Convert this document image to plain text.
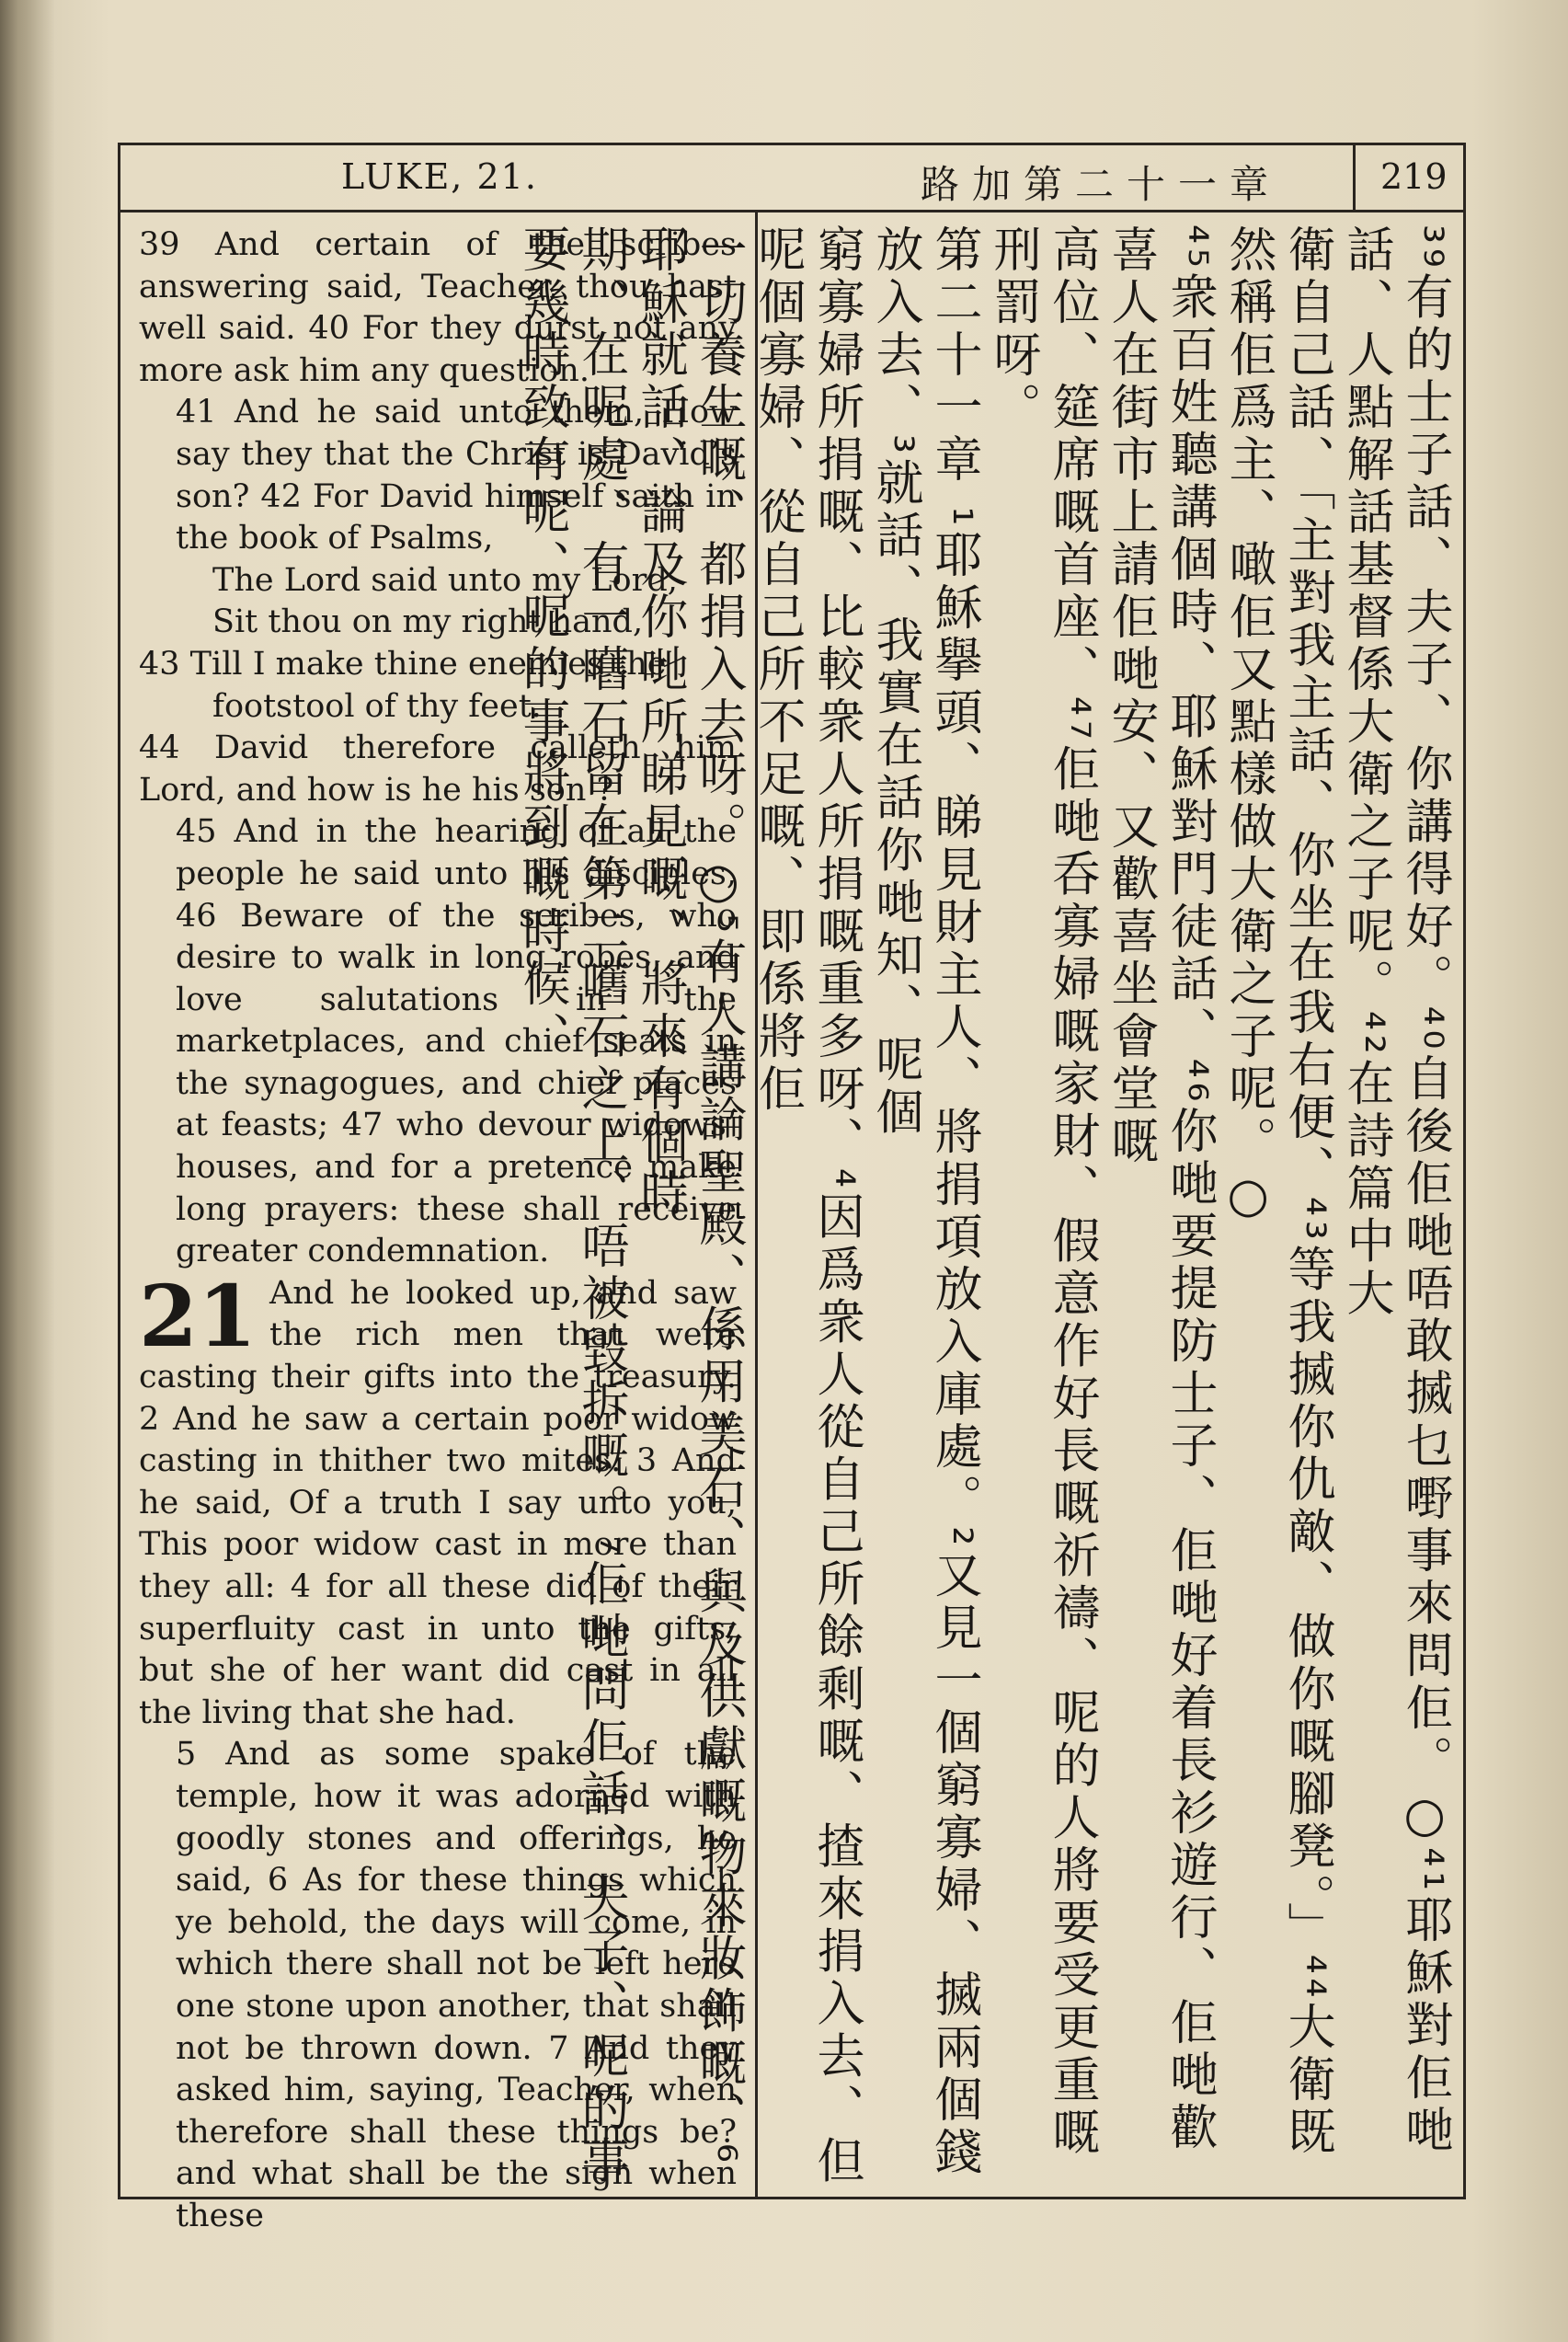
LUKE, 21.	路加第二十一章	219

39 And certain of the scribes answering said, Teacher, thou hast well said. 40 For they durst not any more ask him any question.

41 And he said unto them, How say they that the Christ is David’s son? 42 For David himself saith in the book of Psalms,

The Lord said unto my Lord,

Sit thou on my right hand,

43 Till I make thine enemies the

footstool of thy feet.

44 David therefore calleth him Lord, and how is he his son ?

45 And in the hearing of all the people he said unto his disciples, 46 Beware of the scribes, who desire to walk in long robes, and love salutations in the marketplaces, and chief seats in the synagogues, and chief places at feasts; 47 who devour widows’ houses, and for a pretence make long prayers: these shall receive greater condemnation.

21 And he looked up, and saw the rich men that were casting their gifts into the treasury. 2 And he saw a certain poor widow casting in thither two mites. 3 And he said, Of a truth I say unto you, This poor widow cast in more than they all: 4 for all these did of their superfluity cast in unto the gifts; but she of her want did cast in all the living that she had.

5 And as some spake of the temple, how it was adorned with goodly stones and offerings, he said, 6 As for these things which ye behold, the days will come, in which there shall not be left here one stone upon another, that shall not be thrown down. 7 And they asked him, saying, Teacher, when therefore shall these things be? and what shall be the sign when these

³⁹有的士子話、夫子、你講得好。⁴⁰自後佢哋唔敢搣乜嘢事來問佢。○⁴¹耶穌對佢哋話、人點解話基督係大衛之子呢。⁴²在詩篇中大
衛自己話、「主對我主話、你坐在我右便、⁴³等我搣你仇敵、做你嘅腳凳。」⁴⁴大衛既然稱佢爲主、噉佢又點樣做大衛之子呢。○
⁴⁵衆百姓聽講個時、耶穌對門徒話、⁴⁶你哋要提防士子、佢哋好着長衫遊行、佢哋歡喜人在街市上請佢哋安、又歡喜坐會堂嘅
高位、筵席嘅首座、⁴⁷佢哋呑寡婦嘅家財、假意作好長嘅祈禱、呢的人將要受更重嘅刑罰呀。
第二十一章 ¹耶穌擧頭、睇見財主人、將捐項放入庫處。²又見一個窮寡婦、搣兩個錢放入去、³就話、我實在話你哋知、呢個
窮寡婦所捐嘅、比較衆人所捐嘅重多呀、⁴因爲衆人從自己所餘剩嘅、揸來捐入去、但呢個寡婦、從自己所不足嘅、即係將佢
一切養生嘅、都捐入去呀。○⁵有人講論聖殿、係用美石、與及供獻嘅物來妝飾嘅、⁶耶穌就話、論及你哋所睇見嘅、將來有個時
期、在呢處、有一嚿石留在第二嚿石之上、唔被毀拆嘅。⁷佢哋問佢話、夫子、呢的事要幾時致有呢、呢的事將到嘅時候、
